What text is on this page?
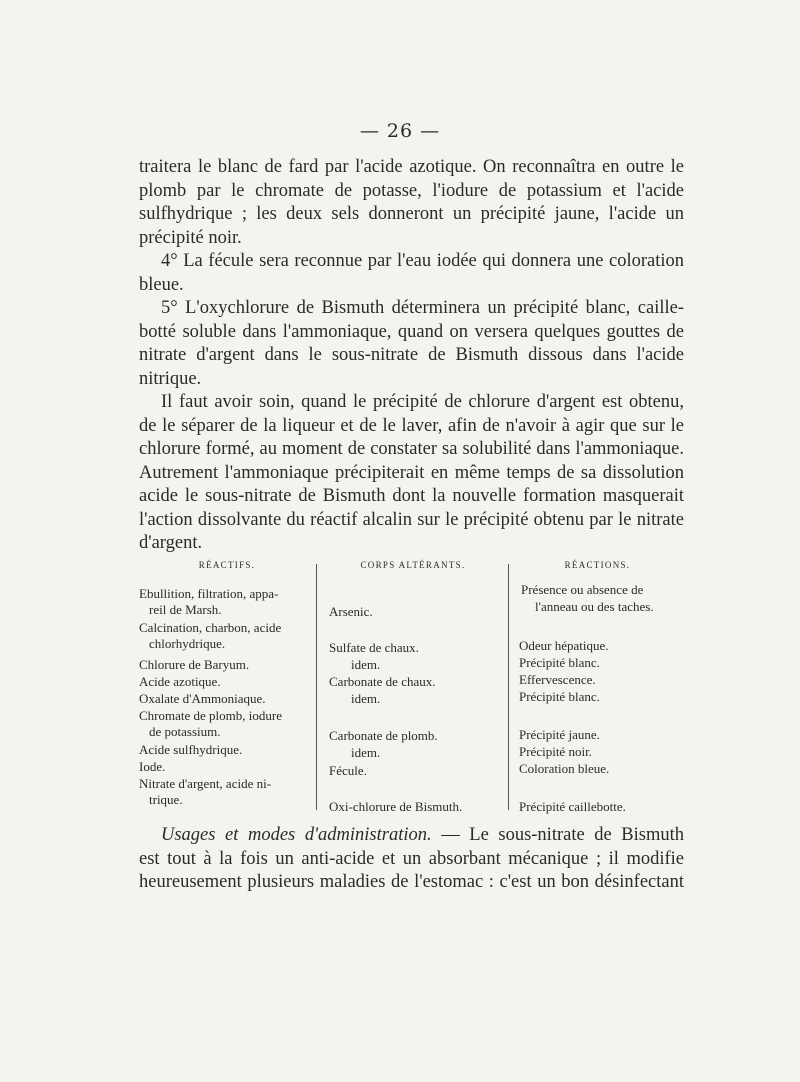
— 26 —
traitera le blanc de fard par l'acide azotique. On reconnaîtra en outre le
plomb par le chromate de potasse, l'iodure de potassium et l'acide
sulfhydrique ; les deux sels donneront un précipité jaune, l'acide un
précipité noir.
4° La fécule sera reconnue par l'eau iodée qui donnera une coloration
bleue.
5° L'oxychlorure de Bismuth déterminera un précipité blanc, caille-
botté soluble dans l'ammoniaque, quand on versera quelques gouttes de
nitrate d'argent dans le sous-nitrate de Bismuth dissous dans l'acide
nitrique.
Il faut avoir soin, quand le précipité de chlorure d'argent est obtenu,
de le séparer de la liqueur et de le laver, afin de n'avoir à agir que sur le
chlorure formé, au moment de constater sa solubilité dans l'ammoniaque.
Autrement l'ammoniaque précipiterait en même temps de sa dissolution
acide le sous-nitrate de Bismuth dont la nouvelle formation masquerait
l'action dissolvante du réactif alcalin sur le précipité obtenu par le nitrate
d'argent.
RÉACTIFS.
Ebullition, filtration, appa-
reil de Marsh.
Calcination, charbon, acide
chlorhydrique.
Chlorure de Baryum.
Acide azotique.
Oxalate d'Ammoniaque.
Chromate de plomb, iodure
de potassium.
Acide sulfhydrique.
Iode.
Nitrate d'argent, acide ni-
trique.
CORPS ALTÉRANTS.
Arsenic.
Sulfate de chaux.
idem.
Carbonate de chaux.
idem.
Carbonate de plomb.
idem.
Fécule.
Oxi-chlorure de Bismuth.
RÉACTIONS.
Présence ou absence de
l'anneau ou des taches.
Odeur hépatique.
Précipité blanc.
Effervescence.
Précipité blanc.
Précipité jaune.
Précipité noir.
Coloration bleue.
Précipité caillebotte.
Usages et modes d'administration. — Le sous-nitrate de Bismuth
est tout à la fois un anti-acide et un absorbant mécanique ; il modifie
heureusement plusieurs maladies de l'estomac : c'est un bon désinfectant
